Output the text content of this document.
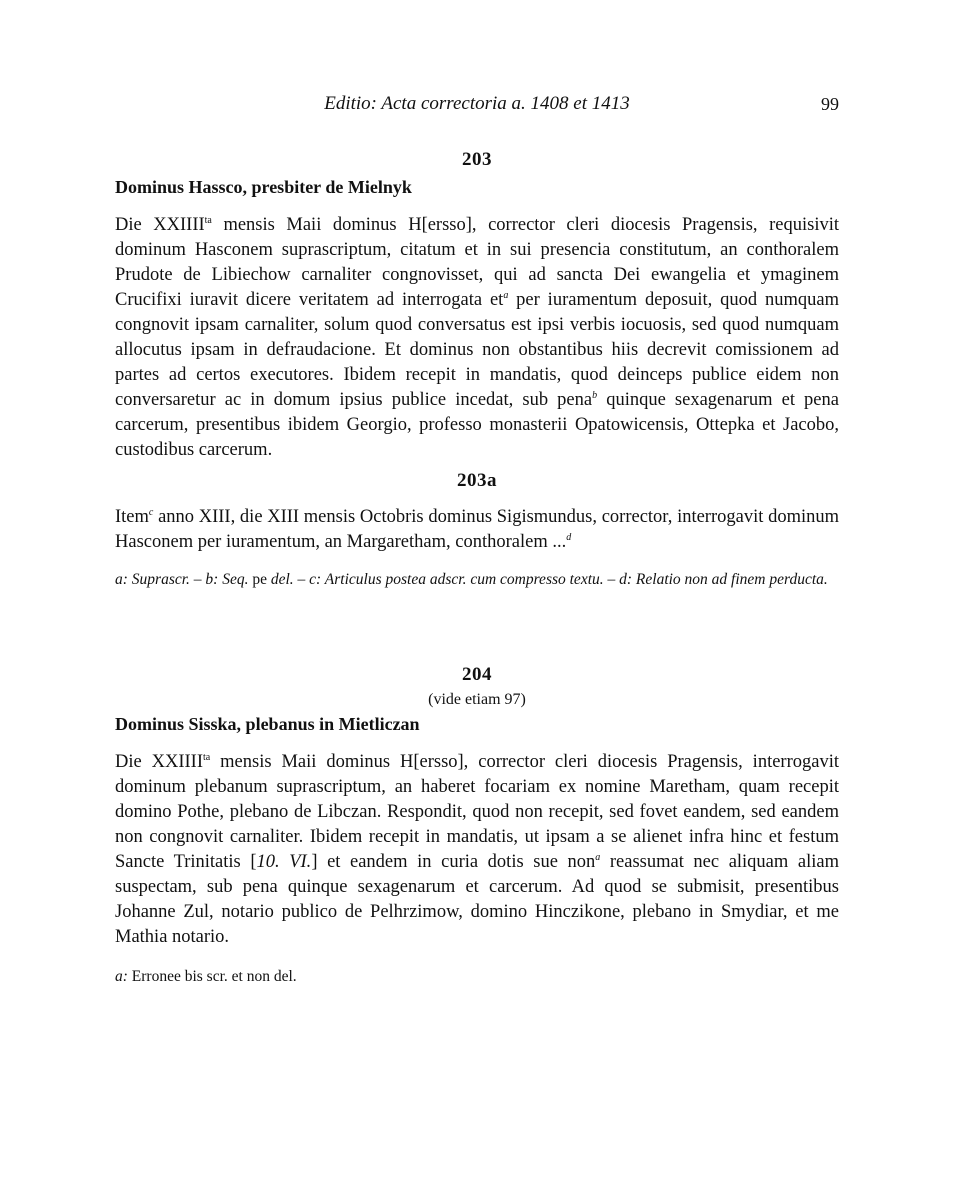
Editio: Acta correctoria a. 1408 et 1413	99
203
Dominus Hassco, presbiter de Mielnyk
Die $XXIIII^{ta}$ mensis Maii dominus H[ersso], corrector cleri diocesis Pragensis, requisivit dominum Hasconem suprascriptum, citatum et in sui presencia constitutum, an conthoralem Prudote de Libiechow carnaliter congnovisset, qui ad sancta Dei ewangelia et ymaginem Crucifixi iuravit dicere veritatem ad interrogata $et^a$ per iuramentum deposuit, quod numquam congnovit ipsam carnaliter, solum quod conversatus est ipsi verbis iocuosis, sed quod numquam allocutus ipsam in defraudacione. Et dominus non obstantibus hiis decrevit comissionem ad partes ad certos executores. Ibidem recepit in mandatis, quod deinceps publice eidem non conversaretur ac in domum ipsius publice incedat, sub pena$^b$ quinque sexagenarum et pena carcerum, presentibus ibidem Georgio, professo monasterii Opatowicensis, Ottepka et Jacobo, custodibus carcerum.
203a
Item$^c$ anno XIII, die XIII mensis Octobris dominus Sigismundus, corrector, interrogavit dominum Hasconem per iuramentum, an Margaretham, conthoralem ...$^d$
a: Suprascr. – b: Seq. pe del. – c: Articulus postea adscr. cum compresso textu. – d: Relatio non ad finem perducta.
204
(vide etiam 97)
Dominus Sisska, plebanus in Mietliczan
Die $XXIIII^{ta}$ mensis Maii dominus H[ersso], corrector cleri diocesis Pragensis, interrogavit dominum plebanum suprascriptum, an haberet focariam ex nomine Maretham, quam recepit domino Pothe, plebano de Libczan. Respondit, quod non recepit, sed fovet eandem, sed eandem non congnovit carnaliter. Ibidem recepit in mandatis, ut ipsam a se alienet infra hinc et festum Sancte Trinitatis [10. VI.] et eandem in curia dotis sue non$^a$ reassumat nec aliquam aliam suspectam, sub pena quinque sexagenarum et carcerum. Ad quod se submisit, presentibus Johanne Zul, notario publico de Pelhrzimow, domino Hinczikone, plebano in Smydiar, et me Mathia notario.
a: Erronee bis scr. et non del.
